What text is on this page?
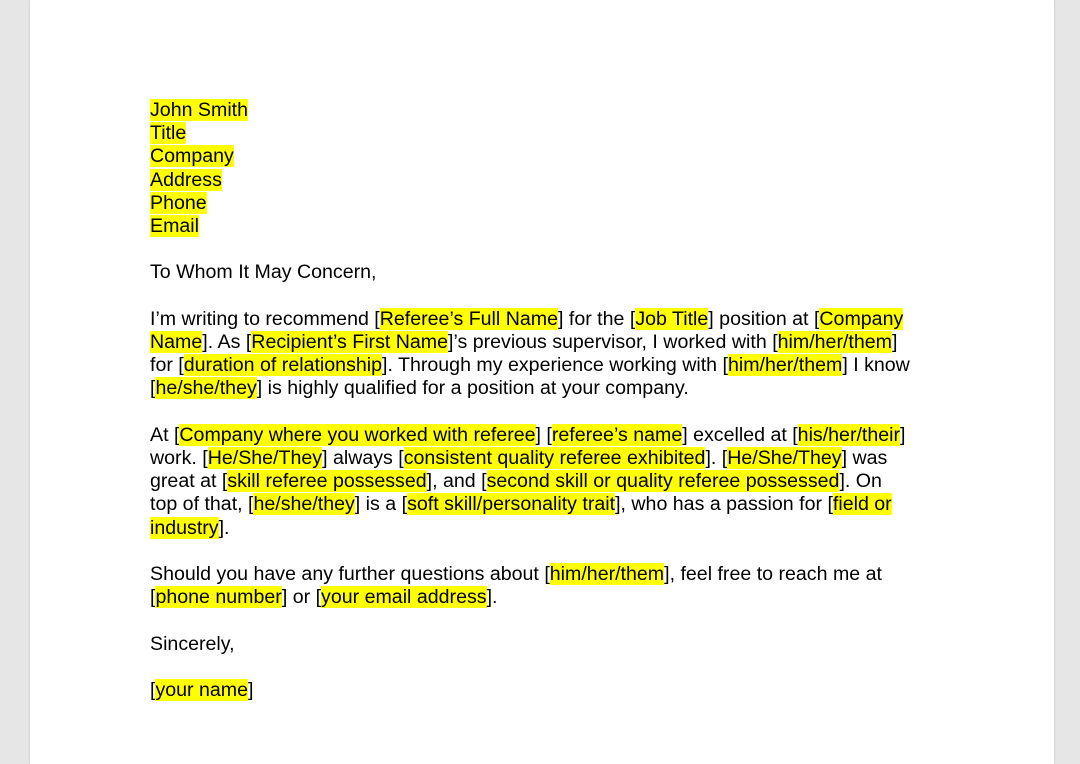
John Smith
Title
Company
Address
Phone
Email
To Whom It May Concern,
I’m writing to recommend [Referee’s Full Name] for the [Job Title] position at [Company
Name]. As [Recipient’s First Name]’s previous supervisor, I worked with [him/her/them]
for [duration of relationship]. Through my experience working with [him/her/them] I know
[he/she/they] is highly qualified for a position at your company.
At [Company where you worked with referee] [referee’s name] excelled at [his/her/their]
work. [He/She/They] always [consistent quality referee exhibited]. [He/She/They] was
great at [skill referee possessed], and [second skill or quality referee possessed]. On
top of that, [he/she/they] is a [soft skill/personality trait], who has a passion for [field or
industry].
Should you have any further questions about [him/her/them], feel free to reach me at
[phone number] or [your email address].
Sincerely,
[your name]
